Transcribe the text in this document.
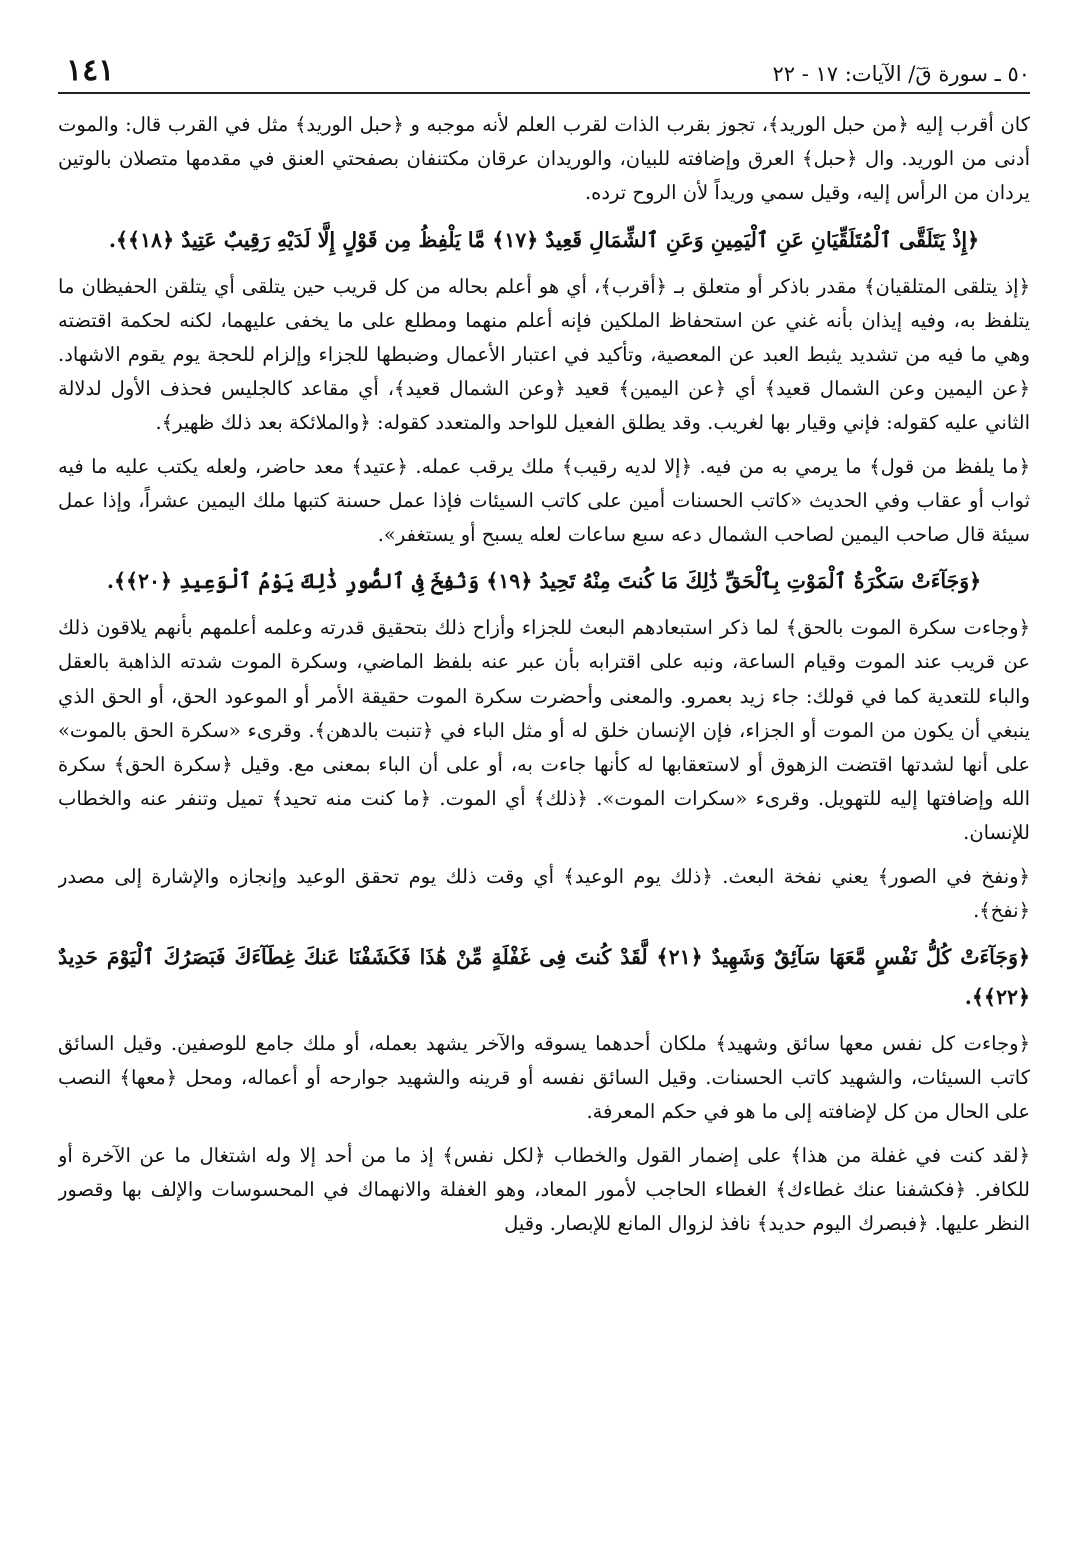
٥٠ ـ سورة قٓ/ الآيات: ١٧ - ٢٢
١٤١

كان أقرب إليه ﴿من حبل الوريد﴾، تجوز بقرب الذات لقرب العلم لأنه موجبه و ﴿حبل الوريد﴾ مثل في القرب قال: والموت أدنى من الوريد. وال ﴿حبل﴾ العرق وإضافته للبيان، والوريدان عرقان مكتنفان بصفحتي العنق في مقدمها متصلان بالوتين يردان من الرأس إليه، وقيل سمي وريداً لأن الروح ترده.

﴿إِذْ يَتَلَقَّى ٱلْمُتَلَقِّيَانِ عَنِ ٱلْيَمِينِ وَعَنِ ٱلشِّمَالِ قَعِيدٌ ﴿١٧﴾ مَّا يَلْفِظُ مِن قَوْلٍ إِلَّا لَدَيْهِ رَقِيبٌ عَتِيدٌ ﴿١٨﴾﴾.

﴿إذ يتلقى المتلقيان﴾ مقدر باذكر أو متعلق بـ ﴿أقرب﴾، أي هو أعلم بحاله من كل قريب حين يتلقى أي يتلقن الحفيظان ما يتلفظ به، وفيه إيذان بأنه غني عن استحفاظ الملكين فإنه أعلم منهما ومطلع على ما يخفى عليهما، لكنه لحكمة اقتضته وهي ما فيه من تشديد يثبط العبد عن المعصية، وتأكيد في اعتبار الأعمال وضبطها للجزاء وإلزام للحجة يوم يقوم الاشهاد. ﴿عن اليمين وعن الشمال قعيد﴾ أي ﴿عن اليمين﴾ قعيد ﴿وعن الشمال قعيد﴾، أي مقاعد كالجليس فحذف الأول لدلالة الثاني عليه كقوله: فإني وقيار بها لغريب. وقد يطلق الفعيل للواحد والمتعدد كقوله: ﴿والملائكة بعد ذلك ظهير﴾.

﴿ما يلفظ من قول﴾ ما يرمي به من فيه. ﴿إلا لديه رقيب﴾ ملك يرقب عمله. ﴿عتيد﴾ معد حاضر، ولعله يكتب عليه ما فيه ثواب أو عقاب وفي الحديث «كاتب الحسنات أمين على كاتب السيئات فإذا عمل حسنة كتبها ملك اليمين عشراً، وإذا عمل سيئة قال صاحب اليمين لصاحب الشمال دعه سبع ساعات لعله يسبح أو يستغفر».

﴿وَجَآءَتْ سَكْرَةُ ٱلْمَوْتِ بِٱلْحَقِّ ذَٰلِكَ مَا كُنتَ مِنْهُ تَحِيدُ ﴿١٩﴾ وَنُفِخَ فِى ٱلصُّورِ ذَٰلِكَ يَوْمُ ٱلْوَعِيدِ ﴿٢٠﴾﴾.

﴿وجاءت سكرة الموت بالحق﴾ لما ذكر استبعادهم البعث للجزاء وأزاح ذلك بتحقيق قدرته وعلمه أعلمهم بأنهم يلاقون ذلك عن قريب عند الموت وقيام الساعة، ونبه على اقترابه بأن عبر عنه بلفظ الماضي، وسكرة الموت شدته الذاهبة بالعقل والباء للتعدية كما في قولك: جاء زيد بعمرو. والمعنى وأحضرت سكرة الموت حقيقة الأمر أو الموعود الحق، أو الحق الذي ينبغي أن يكون من الموت أو الجزاء، فإن الإنسان خلق له أو مثل الباء في ﴿تنبت بالدهن﴾. وقرىء «سكرة الحق بالموت» على أنها لشدتها اقتضت الزهوق أو لاستعقابها له كأنها جاءت به، أو على أن الباء بمعنى مع. وقيل ﴿سكرة الحق﴾ سكرة الله وإضافتها إليه للتهويل. وقرىء «سكرات الموت». ﴿ذلك﴾ أي الموت. ﴿ما كنت منه تحيد﴾ تميل وتنفر عنه والخطاب للإنسان.

﴿ونفخ في الصور﴾ يعني نفخة البعث. ﴿ذلك يوم الوعيد﴾ أي وقت ذلك يوم تحقق الوعيد وإنجازه والإشارة إلى مصدر ﴿نفخ﴾.

﴿وَجَآءَتْ كُلُّ نَفْسٍ مَّعَهَا سَآئِقٌ وَشَهِيدٌ ﴿٢١﴾ لَّقَدْ كُنتَ فِى غَفْلَةٍ مِّنْ هَٰذَا فَكَشَفْنَا عَنكَ غِطَآءَكَ فَبَصَرُكَ ٱلْيَوْمَ حَدِيدٌ ﴿٢٢﴾﴾.

﴿وجاءت كل نفس معها سائق وشهيد﴾ ملكان أحدهما يسوقه والآخر يشهد بعمله، أو ملك جامع للوصفين. وقيل السائق كاتب السيئات، والشهيد كاتب الحسنات. وقيل السائق نفسه أو قرينه والشهيد جوارحه أو أعماله، ومحل ﴿معها﴾ النصب على الحال من كل لإضافته إلى ما هو في حكم المعرفة.

﴿لقد كنت في غفلة من هذا﴾ على إضمار القول والخطاب ﴿لكل نفس﴾ إذ ما من أحد إلا وله اشتغال ما عن الآخرة أو للكافر. ﴿فكشفنا عنك غطاءك﴾ الغطاء الحاجب لأمور المعاد، وهو الغفلة والانهماك في المحسوسات والإلف بها وقصور النظر عليها. ﴿فبصرك اليوم حديد﴾ نافذ لزوال المانع للإبصار. وقيل
